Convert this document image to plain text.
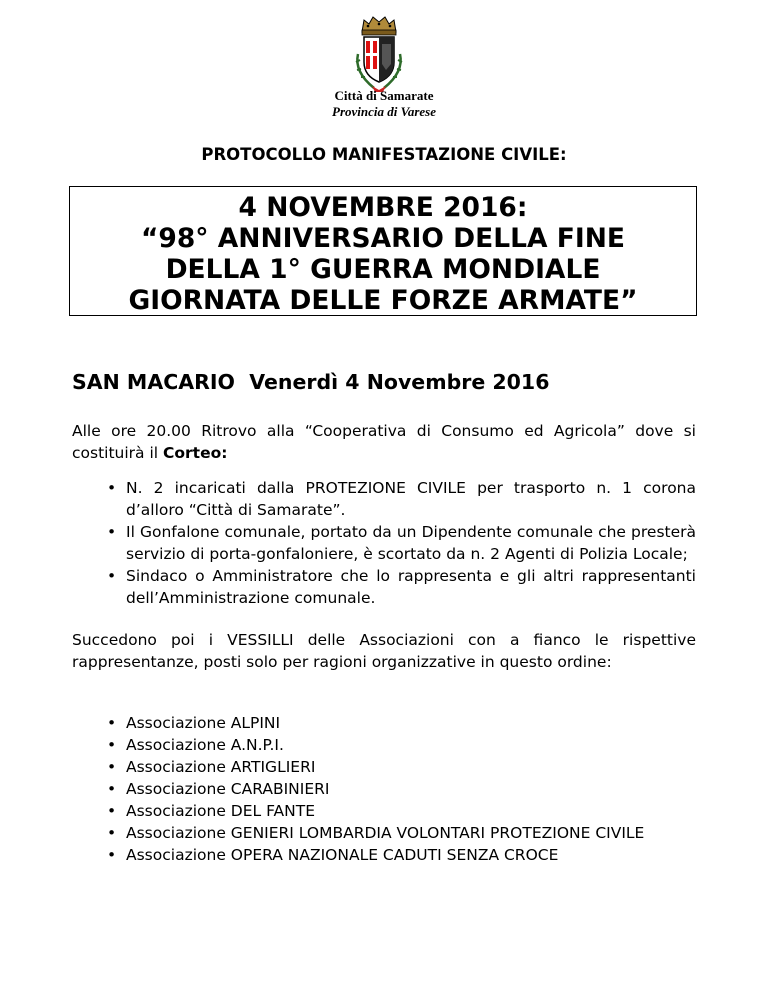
Città di Samarate
Provincia di Varese
PROTOCOLLO MANIFESTAZIONE CIVILE:
4 NOVEMBRE 2016:
“98° ANNIVERSARIO DELLA FINE
DELLA 1° GUERRA MONDIALE
GIORNATA DELLE FORZE ARMATE”
SAN MACARIO  Venerdì 4 Novembre 2016
Alle ore 20.00 Ritrovo alla “Cooperativa di Consumo ed Agricola” dove si costituirà il Corteo:
• N. 2 incaricati dalla PROTEZIONE CIVILE per trasporto n. 1 corona d’alloro “Città di Samarate”.
• Il Gonfalone comunale, portato da un Dipendente comunale che presterà servizio di porta-gonfaloniere, è scortato da n. 2 Agenti di Polizia Locale;
• Sindaco o Amministratore che lo rappresenta e gli altri rappresentanti dell’Amministrazione comunale.
Succedono poi i VESSILLI delle Associazioni con a fianco le rispettive rappresentanze, posti solo per ragioni organizzative in questo ordine:
• Associazione ALPINI
• Associazione A.N.P.I.
• Associazione ARTIGLIERI
• Associazione CARABINIERI
• Associazione DEL FANTE
• Associazione GENIERI LOMBARDIA VOLONTARI PROTEZIONE CIVILE
• Associazione OPERA NAZIONALE CADUTI SENZA CROCE
